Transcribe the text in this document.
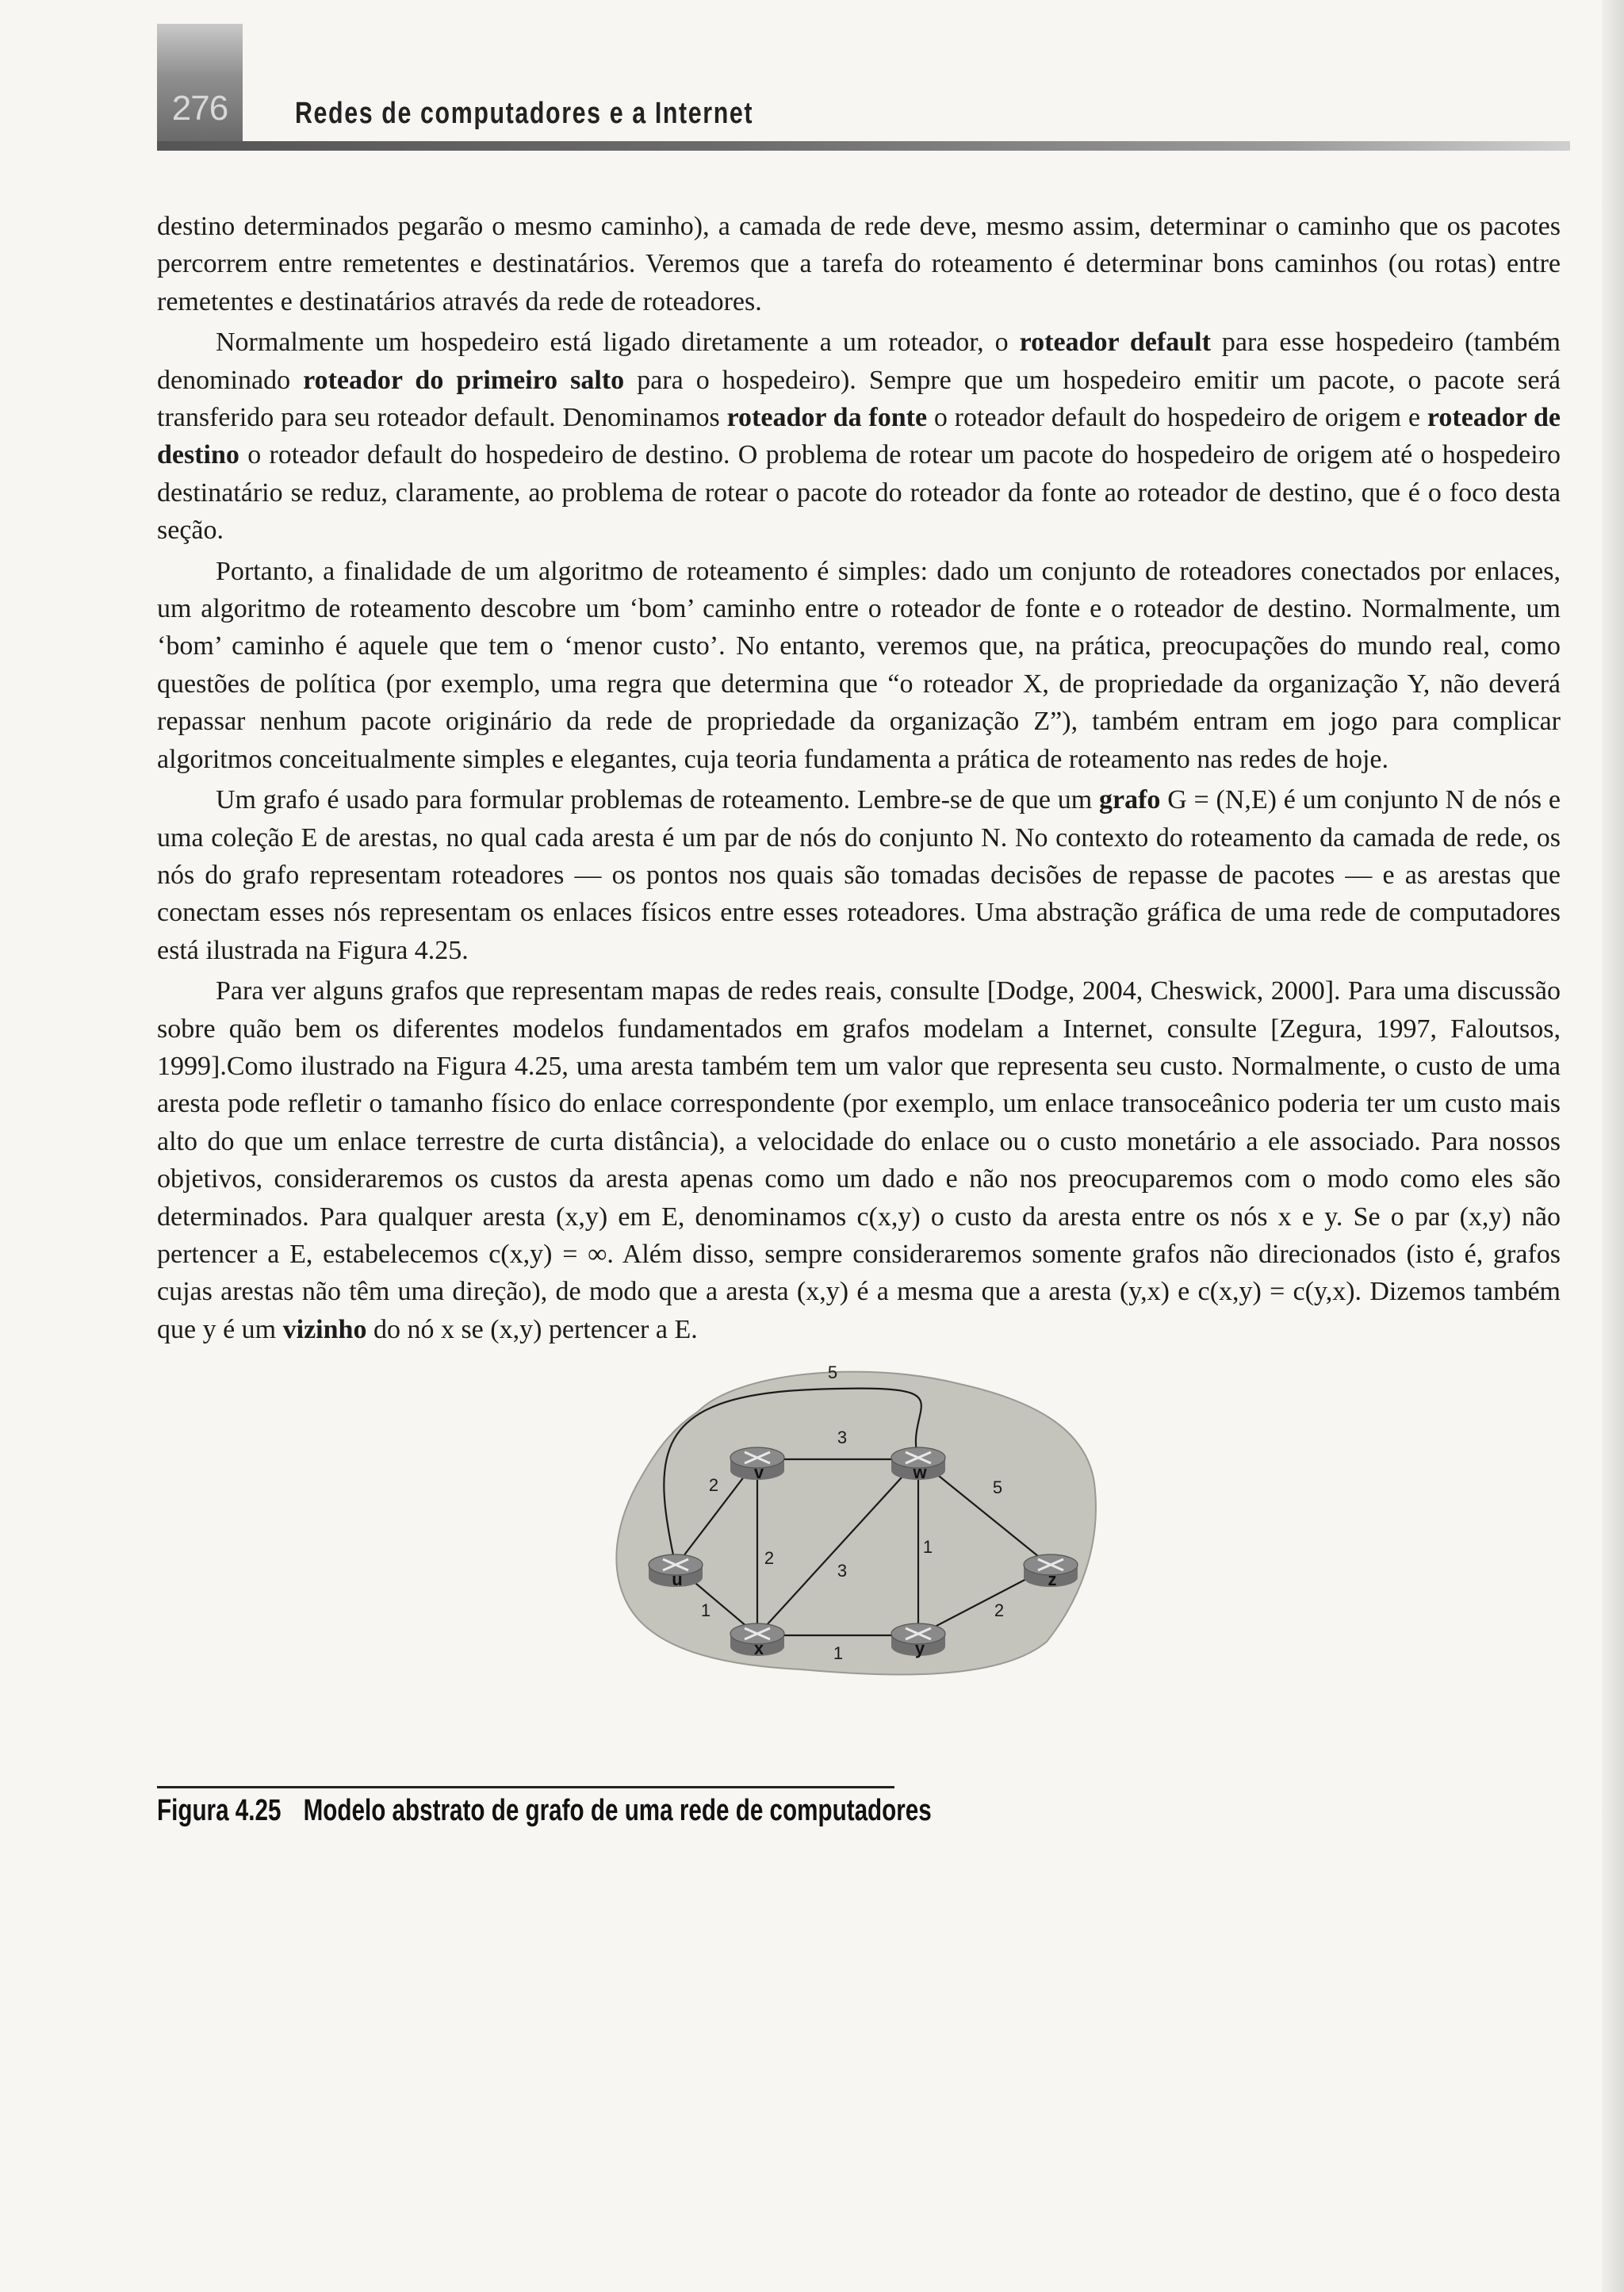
276	Redes de computadores e a Internet

destino determinados pegarão o mesmo caminho), a camada de rede deve, mesmo assim, determinar o caminho que os pacotes percorrem entre remetentes e destinatários. Veremos que a tarefa do roteamento é determinar bons caminhos (ou rotas) entre remetentes e destinatários através da rede de roteadores.

Normalmente um hospedeiro está ligado diretamente a um roteador, o roteador default para esse hospedeiro (também denominado roteador do primeiro salto para o hospedeiro). Sempre que um hospedeiro emitir um pacote, o pacote será transferido para seu roteador default. Denominamos roteador da fonte o roteador default do hospedeiro de origem e roteador de destino o roteador default do hospedeiro de destino. O problema de rotear um pacote do hospedeiro de origem até o hospedeiro destinatário se reduz, claramente, ao problema de rotear o pacote do roteador da fonte ao roteador de destino, que é o foco desta seção.

Portanto, a finalidade de um algoritmo de roteamento é simples: dado um conjunto de roteadores conectados por enlaces, um algoritmo de roteamento descobre um ‘bom’ caminho entre o roteador de fonte e o roteador de destino. Normalmente, um ‘bom’ caminho é aquele que tem o ‘menor custo’. No entanto, veremos que, na prática, preocupações do mundo real, como questões de política (por exemplo, uma regra que determina que “o roteador X, de propriedade da organização Y, não deverá repassar nenhum pacote originário da rede de propriedade da organização Z”), também entram em jogo para complicar algoritmos conceitualmente simples e elegantes, cuja teoria fundamenta a prática de roteamento nas redes de hoje.

Um grafo é usado para formular problemas de roteamento. Lembre-se de que um grafo G = (N,E) é um conjunto N de nós e uma coleção E de arestas, no qual cada aresta é um par de nós do conjunto N. No contexto do roteamento da camada de rede, os nós do grafo representam roteadores — os pontos nos quais são tomadas decisões de repasse de pacotes — e as arestas que conectam esses nós representam os enlaces físicos entre esses roteadores. Uma abstração gráfica de uma rede de computadores está ilustrada na Figura 4.25.

Para ver alguns grafos que representam mapas de redes reais, consulte [Dodge, 2004, Cheswick, 2000]. Para uma discussão sobre quão bem os diferentes modelos fundamentados em grafos modelam a Internet, consulte [Zegura, 1997, Faloutsos, 1999].Como ilustrado na Figura 4.25, uma aresta também tem um valor que representa seu custo. Normalmente, o custo de uma aresta pode refletir o tamanho físico do enlace correspondente (por exemplo, um enlace transoceânico poderia ter um custo mais alto do que um enlace terrestre de curta distância), a velocidade do enlace ou o custo monetário a ele associado. Para nossos objetivos, consideraremos os custos da aresta apenas como um dado e não nos preocuparemos com o modo como eles são determinados. Para qualquer aresta (x,y) em E, denominamos c(x,y) o custo da aresta entre os nós x e y. Se o par (x,y) não pertencer a E, estabelecemos c(x,y) = ∞. Além disso, sempre consideraremos somente grafos não direcionados (isto é, grafos cujas arestas não têm uma direção), de modo que a aresta (x,y) é a mesma que a aresta (y,x) e c(x,y) = c(y,x). Dizemos também que y é um vizinho do nó x se (x,y) pertencer a E.

2
1
5
3
2
3
1
1
5
2
u
v	w
x	y
z
Figura 4.25 Modelo abstrato de grafo de uma rede de computadores
